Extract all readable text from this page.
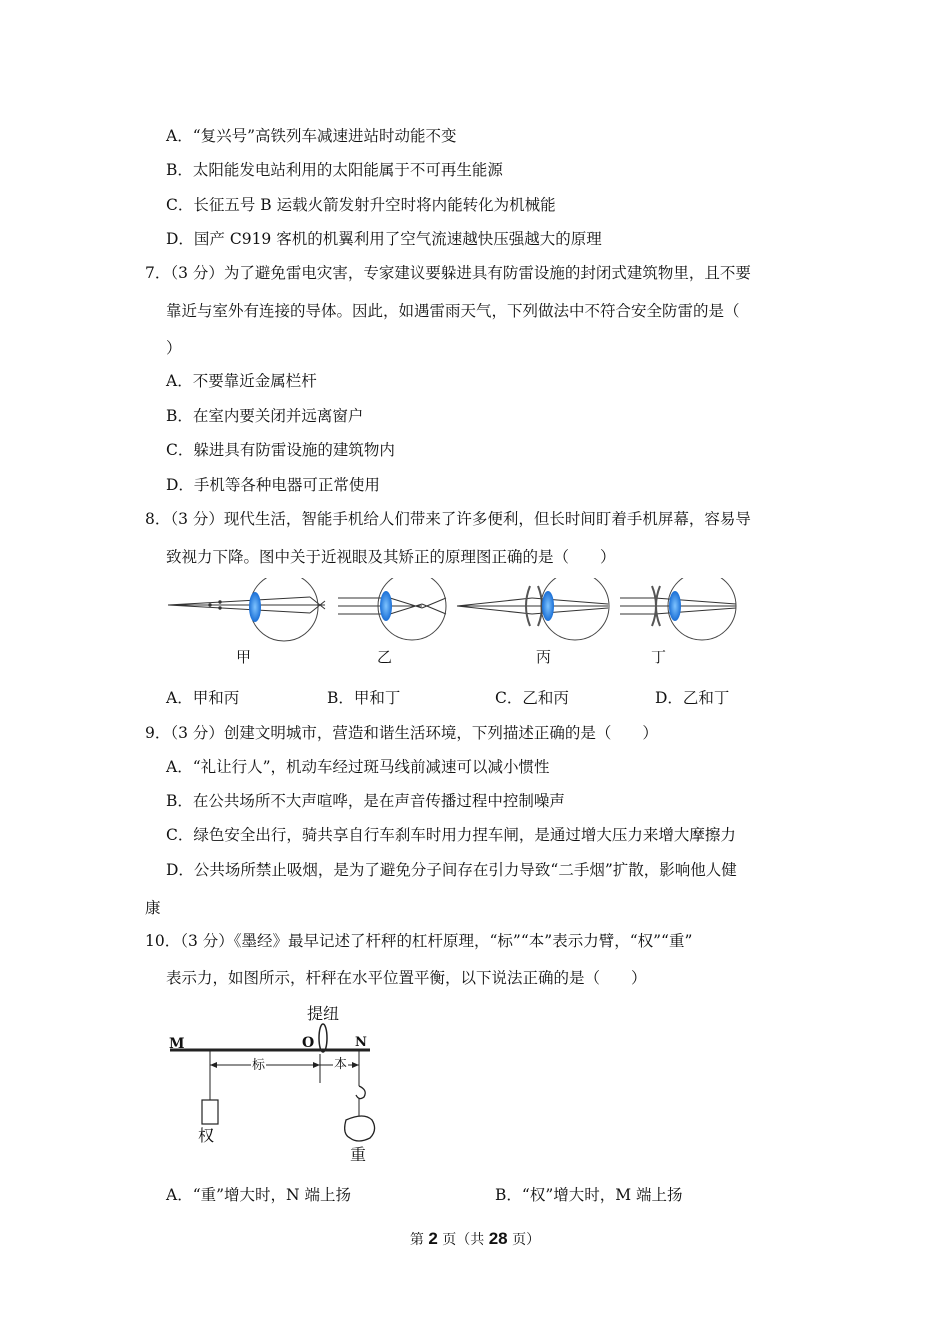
A．“复兴号”高铁列车减速进站时动能不变
B．太阳能发电站利用的太阳能属于不可再生能源
C．长征五号 B 运载火箭发射升空时将内能转化为机械能
D．国产 C919 客机的机翼利用了空气流速越快压强越大的原理
7．（3 分）为了避免雷电灾害，专家建议要躲进具有防雷设施的封闭式建筑物里，且不要
靠近与室外有连接的导体。因此，如遇雷雨天气，下列做法中不符合安全防雷的是（
）
A．不要靠近金属栏杆
B．在室内要关闭并远离窗户
C．躲进具有防雷设施的建筑物内
D．手机等各种电器可正常使用
8．（3 分）现代生活，智能手机给人们带来了许多便利，但长时间盯着手机屏幕，容易导
致视力下降。图中关于近视眼及其矫正的原理图正确的是（　　）
甲	乙	丙	丁
A．甲和丙	B．甲和丁	C．乙和丙	D．乙和丁
9．（3 分）创建文明城市，营造和谐生活环境，下列描述正确的是（　　）
A．“礼让行人”，机动车经过斑马线前减速可以减小惯性
B．在公共场所不大声喧哗，是在声音传播过程中控制噪声
C．绿色安全出行，骑共享自行车刹车时用力捏车闸，是通过增大压力来增大摩擦力
D．公共场所禁止吸烟，是为了避免分子间存在引力导致“二手烟”扩散，影响他人健
康
10．（3 分）《墨经》最早记述了杆秤的杠杆原理，“标”“本”表示力臂，“权”“重”
表示力，如图所示，杆秤在水平位置平衡，以下说法正确的是（　　）
提纽
M	O	N
标	本
权
重
A．“重”增大时，N 端上扬	B．“权”增大时，M 端上扬
第 2 页（共 28 页）
